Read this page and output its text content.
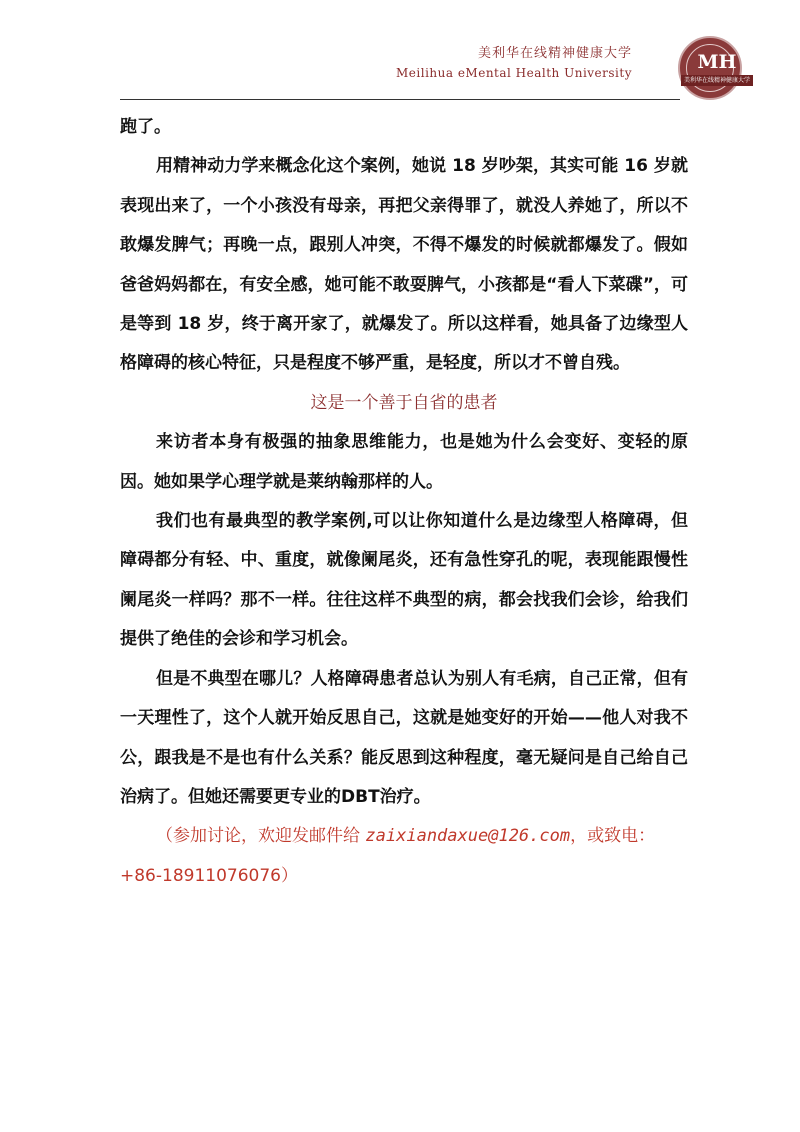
美利华在线精神健康大学
Meilihua eMental Health University	MH
美利华在线精神健康大学

跑了。

用精神动力学来概念化这个案例，她说 18 岁吵架，其实可能 16 岁就表现出来了，一个小孩没有母亲，再把父亲得罪了，就没人养她了，所以不敢爆发脾气；再晚一点，跟别人冲突，不得不爆发的时候就都爆发了。假如爸爸妈妈都在，有安全感，她可能不敢耍脾气，小孩都是“看人下菜碟”，可是等到 18 岁，终于离开家了，就爆发了。所以这样看，她具备了边缘型人格障碍的核心特征，只是程度不够严重，是轻度，所以才不曾自残。

这是一个善于自省的患者

来访者本身有极强的抽象思维能力，也是她为什么会变好、变轻的原因。她如果学心理学就是莱纳翰那样的人。

我们也有最典型的教学案例,可以让你知道什么是边缘型人格障碍，但障碍都分有轻、中、重度，就像阑尾炎，还有急性穿孔的呢，表现能跟慢性阑尾炎一样吗？那不一样。往往这样不典型的病，都会找我们会诊，给我们提供了绝佳的会诊和学习机会。

但是不典型在哪儿？人格障碍患者总认为别人有毛病，自己正常，但有一天理性了，这个人就开始反思自己，这就是她变好的开始——他人对我不公，跟我是不是也有什么关系？能反思到这种程度，毫无疑问是自己给自己治病了。但她还需要更专业的DBT治疗。

（参加讨论，欢迎发邮件给 zaixiandaxue@126.com，或致电：+86-18911076076）
